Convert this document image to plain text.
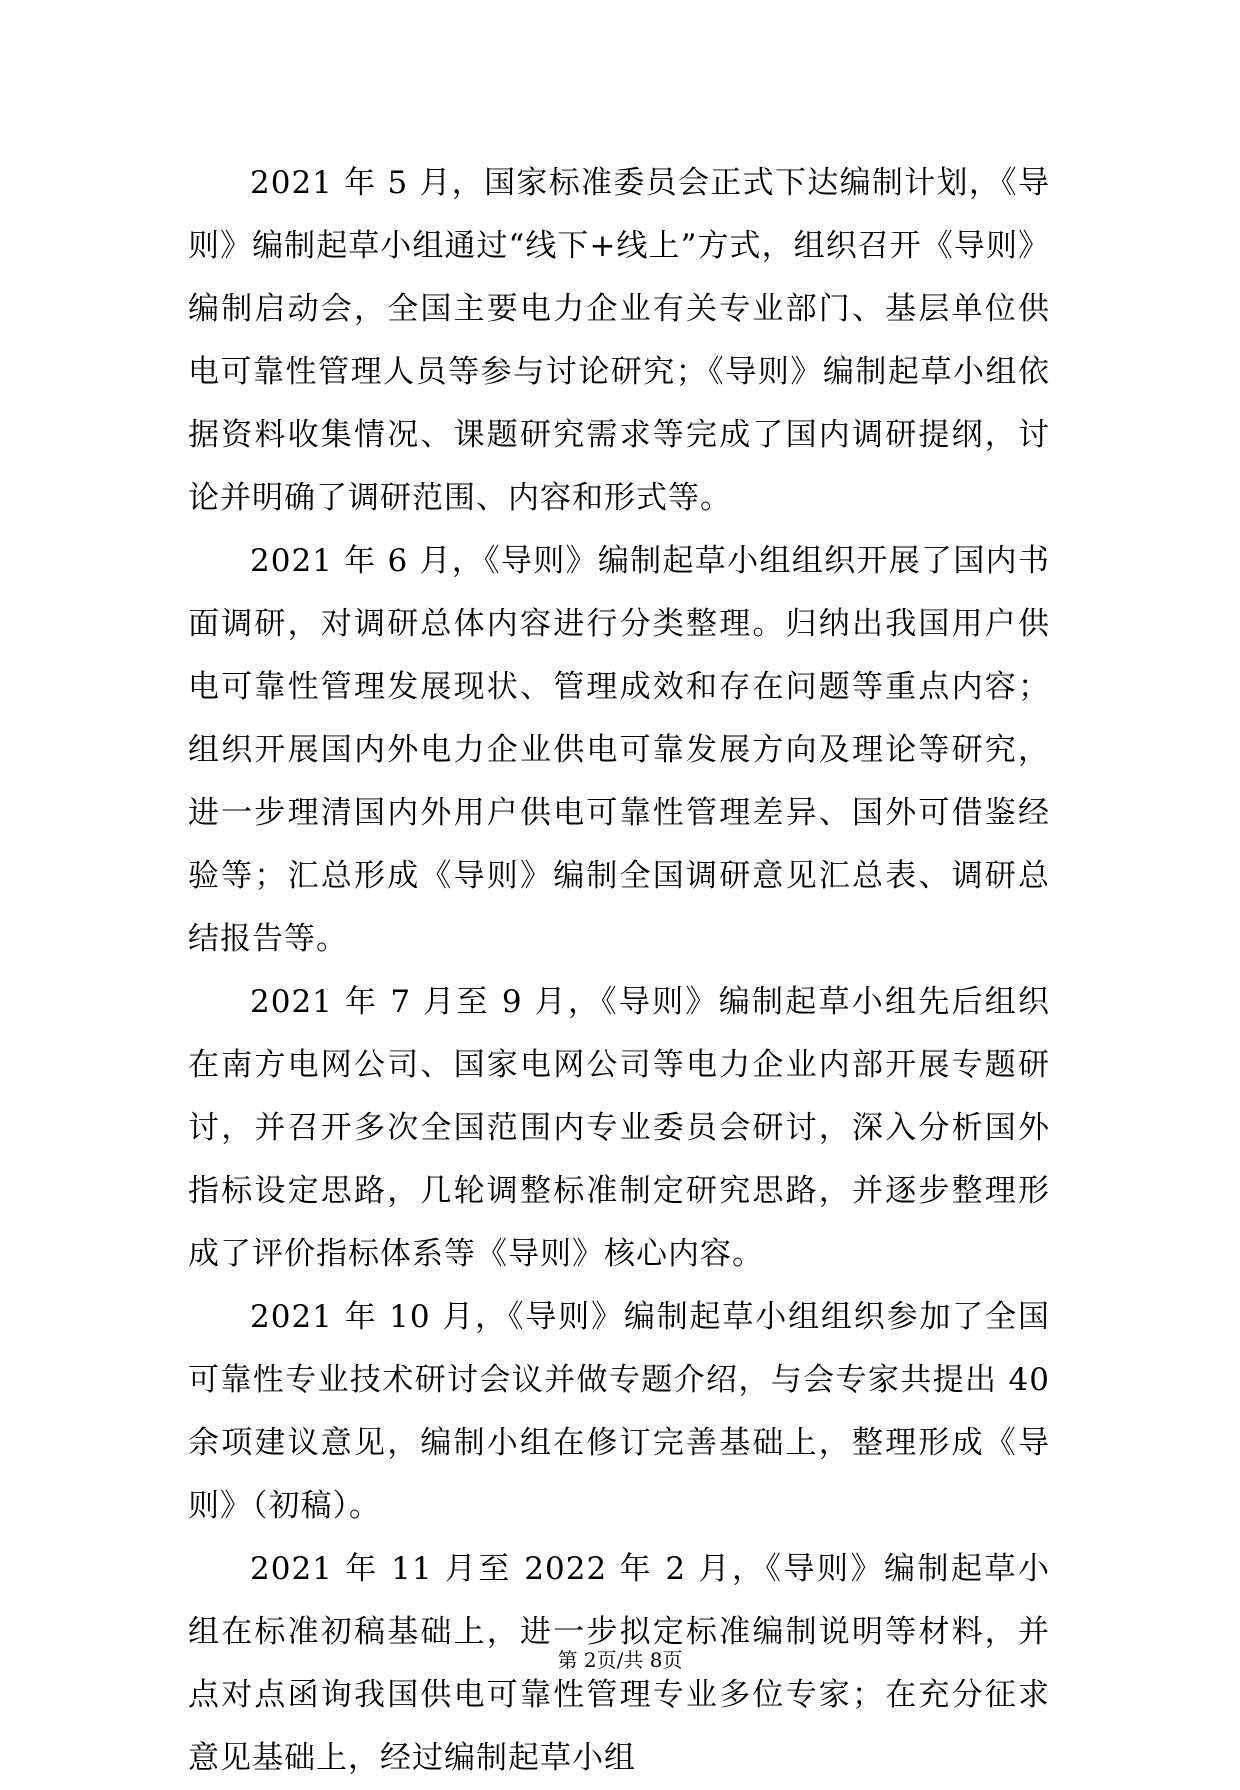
2021 年 5 月，国家标准委员会正式下达编制计划，《导则》编制起草小组通过“线下+线上”方式，组织召开《导则》编制启动会，全国主要电力企业有关专业部门、基层单位供电可靠性管理人员等参与讨论研究；《导则》编制起草小组依据资料收集情况、课题研究需求等完成了国内调研提纲，讨论并明确了调研范围、内容和形式等。

2021 年 6 月，《导则》编制起草小组组织开展了国内书面调研，对调研总体内容进行分类整理。归纳出我国用户供电可靠性管理发展现状、管理成效和存在问题等重点内容；组织开展国内外电力企业供电可靠发展方向及理论等研究，进一步理清国内外用户供电可靠性管理差异、国外可借鉴经验等；汇总形成《导则》编制全国调研意见汇总表、调研总结报告等。

2021 年 7 月至 9 月，《导则》编制起草小组先后组织在南方电网公司、国家电网公司等电力企业内部开展专题研讨，并召开多次全国范围内专业委员会研讨，深入分析国外指标设定思路，几轮调整标准制定研究思路，并逐步整理形成了评价指标体系等《导则》核心内容。

2021 年 10 月，《导则》编制起草小组组织参加了全国可靠性专业技术研讨会议并做专题介绍，与会专家共提出 40 余项建议意见，编制小组在修订完善基础上，整理形成《导则》（初稿）。

2021 年 11 月至 2022 年 2 月，《导则》编制起草小组在标准初稿基础上，进一步拟定标准编制说明等材料，并点对点函询我国供电可靠性管理专业多位专家；在充分征求意见基础上，经过编制起草小组

第 2页/共 8页
